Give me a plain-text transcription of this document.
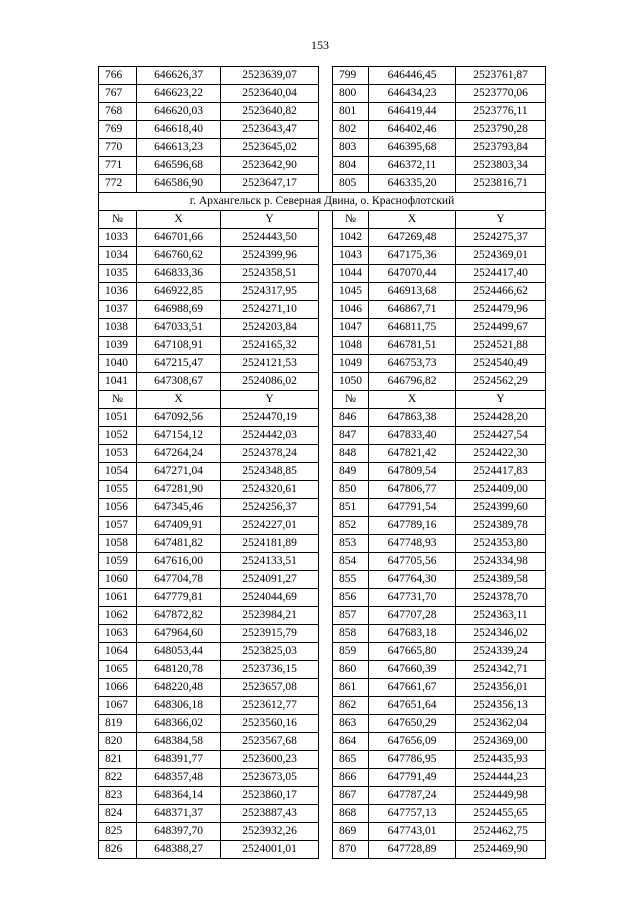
153
766	646626,37	2523639,07		799	646446,45	2523761,87
767	646623,22	2523640,04		800	646434,23	2523770,06
768	646620,03	2523640,82		801	646419,44	2523776,11
769	646618,40	2523643,47		802	646402,46	2523790,28
770	646613,23	2523645,02		803	646395,68	2523793,84
771	646596,68	2523642,90		804	646372,11	2523803,34
772	646586,90	2523647,17		805	646335,20	2523816,71
г. Архангельск р. Северная Двина, о. Краснофлотский						
№	X	Y		№	X	Y
1033	646701,66	2524443,50		1042	647269,48	2524275,37
1034	646760,62	2524399,96		1043	647175,36	2524369,01
1035	646833,36	2524358,51		1044	647070,44	2524417,40
1036	646922,85	2524317,95		1045	646913,68	2524466,62
1037	646988,69	2524271,10		1046	646867,71	2524479,96
1038	647033,51	2524203,84		1047	646811,75	2524499,67
1039	647108,91	2524165,32		1048	646781,51	2524521,88
1040	647215,47	2524121,53		1049	646753,73	2524540,49
1041	647308,67	2524086,02		1050	646796,82	2524562,29
№	X	Y		№	X	Y
1051	647092,56	2524470,19		846	647863,38	2524428,20
1052	647154,12	2524442,03		847	647833,40	2524427,54
1053	647264,24	2524378,24		848	647821,42	2524422,30
1054	647271,04	2524348,85		849	647809,54	2524417,83
1055	647281,90	2524320,61		850	647806,77	2524409,00
1056	647345,46	2524256,37		851	647791,54	2524399,60
1057	647409,91	2524227,01		852	647789,16	2524389,78
1058	647481,82	2524181,89		853	647748,93	2524353,80
1059	647616,00	2524133,51		854	647705,56	2524334,98
1060	647704,78	2524091,27		855	647764,30	2524389,58
1061	647779,81	2524044,69		856	647731,70	2524378,70
1062	647872,82	2523984,21		857	647707,28	2524363,11
1063	647964,60	2523915,79		858	647683,18	2524346,02
1064	648053,44	2523825,03		859	647665,80	2524339,24
1065	648120,78	2523736,15		860	647660,39	2524342,71
1066	648220,48	2523657,08		861	647661,67	2524356,01
1067	648306,18	2523612,77		862	647651,64	2524356,13
819	648366,02	2523560,16		863	647650,29	2524362,04
820	648384,58	2523567,68		864	647656,09	2524369,00
821	648391,77	2523600,23		865	647786,95	2524435,93
822	648357,48	2523673,05		866	647791,49	2524444,23
823	648364,14	2523860,17		867	647787,24	2524449,98
824	648371,37	2523887,43		868	647757,13	2524455,65
825	648397,70	2523932,26		869	647743,01	2524462,75
826	648388,27	2524001,01		870	647728,89	2524469,90
